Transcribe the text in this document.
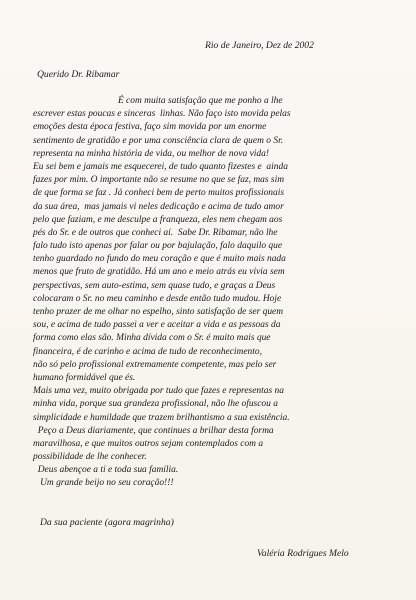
Rio de Janeiro, Dez de 2002
Querido Dr. Ribamar
É com muita satisfação que me ponho a lhe
escrever estas poucas e sinceras  linhas. Não faço isto movida pelas
emoções desta época festiva, faço sim movida por um enorme
sentimento de gratidão e por uma consciência clara de quem o Sr.
representa na minha história de vida, ou melhor de nova vida!
Eu sei bem e jamais me esquecerei, de tudo quanto fizestes e  ainda
fazes por mim. O importante não se resume no que se faz, mas sim
de que forma se faz . Já conheci bem de perto muitos profissionais
da sua área,  mas jamais vi neles dedicação e acima de tudo amor
pelo que faziam, e me desculpe a franqueza, eles nem chegam aos
pés do Sr. e de outros que conheci aí.  Sabe Dr. Ribamar, não lhe
falo tudo isto apenas por falar ou por bajulação, falo daquilo que
tenho guardado no fundo do meu coração e que é muito mais nada
menos que fruto de gratidão. Há um ano e meio atrás eu vivia sem
perspectivas, sem auto-estima, sem quase tudo, e graças a Deus
colocaram o Sr. no meu caminho e desde então tudo mudou. Hoje
tenho prazer de me olhar no espelho, sinto satisfação de ser quem
sou, e acima de tudo passei a ver e aceitar a vida e as pessoas da
forma como elas são. Minha dívida com o Sr. é muito mais que
financeira, é de carinho e acima de tudo de reconhecimento,
não só pelo profissional extremamente competente, mas pelo ser
humano formidável que és.
Mais uma vez, muito obrigada por tudo que fazes e representas na
minha vida, porque sua grandeza profissional, não lhe ofuscou a
simplicidade e humildade que trazem brilhantismo a sua existência.
Peço a Deus diariamente, que continues a brilhar desta forma
maravilhosa, e que muitos outros sejam contemplados com a
possibilidade de lhe conhecer.
Deus abençoe a ti e toda sua família.
Um grande beijo no seu coração!!!
Da sua paciente (agora magrinha)
Valéria Rodrigues Melo
